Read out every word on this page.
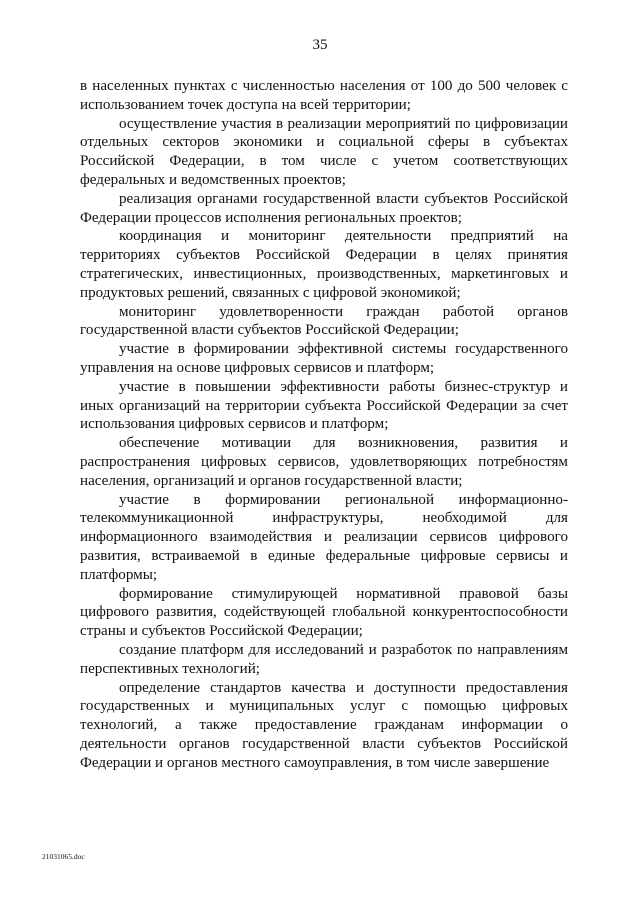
35

в населенных пунктах с численностью населения от 100 до 500 человек с использованием точек доступа на всей территории;

осуществление участия в реализации мероприятий по цифровизации отдельных секторов экономики и социальной сферы в субъектах Российской Федерации, в том числе с учетом соответствующих федеральных и ведомственных проектов;

реализация органами государственной власти субъектов Российской Федерации процессов исполнения региональных проектов;

координация и мониторинг деятельности предприятий на территориях субъектов Российской Федерации в целях принятия стратегических, инвестиционных, производственных, маркетинговых и продуктовых решений, связанных с цифровой экономикой;

мониторинг удовлетворенности граждан работой органов государственной власти субъектов Российской Федерации;

участие в формировании эффективной системы государственного управления на основе цифровых сервисов и платформ;

участие в повышении эффективности работы бизнес-структур и иных организаций на территории субъекта Российской Федерации за счет использования цифровых сервисов и платформ;

обеспечение мотивации для возникновения, развития и распространения цифровых сервисов, удовлетворяющих потребностям населения, организаций и органов государственной власти;

участие в формировании региональной информационно-телекоммуникационной инфраструктуры, необходимой для информационного взаимодействия и реализации сервисов цифрового развития, встраиваемой в единые федеральные цифровые сервисы и платформы;

формирование стимулирующей нормативной правовой базы цифрового развития, содействующей глобальной конкурентоспособности страны и субъектов Российской Федерации;

создание платформ для исследований и разработок по направлениям перспективных технологий;

определение стандартов качества и доступности предоставления государственных и муниципальных услуг с помощью цифровых технологий, а также предоставление гражданам информации о деятельности органов государственной власти субъектов Российской Федерации и органов местного самоуправления, в том числе завершение

21031065.doc
